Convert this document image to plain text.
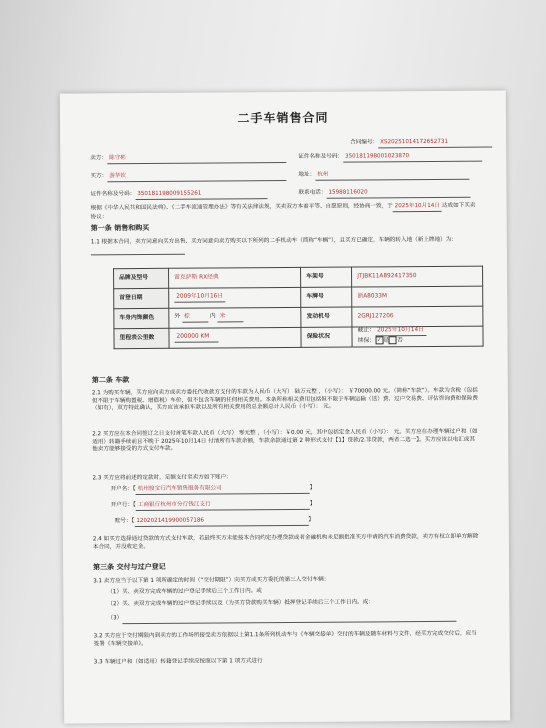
二手车销售合同
合同编号： XS20251014172652731
卖方： 陈守彬	证件名称及号码： 350181198001023870
买方： 游华钦	地址： 杭州
证件名称及号码： 350181198009155261	联系电话： 15988116020
根据《中华人民共和国民法典》、《二手车流通管理办法》等有关法律法规，买卖双方本着平等、自愿原则，经协商一致，于 2025年10月14日 达成如下买卖协议：
第一条 销售和购买
1.1 根据本合同，卖方同意向买方出售、买方同意向卖方购买以下所列的二手机动车（简称“车辆”），且买方已确定，车辆的转入地（新上牌地）为：
品牌及型号	雷克萨斯 RX经典	车架号	JTJBK11A892417350
首登日期	2009年10月16日	车牌号	浙A8033M
车身内饰颜色	外 棕 内 米	发动机号	2GRJ127206
里程表公里数	200000 KM	保险状况	截止： 2025年10月14日
续保： ✓ 是 否
第二条 车款
2.1 为购买车辆，买方应向卖方或卖方委托代收款方支付的车款为人民币（大写） 陆万元整 ，（小写）： ￥70000.00 元。（简称“车款”）。车款为含税（包括但不限于车辆购置税、增值税）车价，但不包含车辆的任何相关费用。本条所称相关费用包括但不限于车辆运输（送）费、过户交易费、评估咨询费和保险费（如有），双方特此确认，买方应该承担车款以及所有相关费用的总金额总计人民币（小写）： 元。
2.2 买方应在本合同签订之日支付首笔车款人民币（大写） 零元整 ，（小写）：￥0.00 元，其中包括定金人民币（小写）： 元。买方应在办理车辆过户和（如适用）转籍手续前且不晚于 2025年10月14日 付清所有车款余额，车款余款通过第 2 种形式支付【1】贷款/2.非贷款，两者二选一】。买方应该以电汇或其他卖方能够接受的方式支付车款。
2.3 买方应将前述的定款时，足额支付至卖方如下账户：
开户名：【 杭州骏宝行汽车销售服务有限公司	】
开户行：【 工商银行杭州市分行钱江支行	】
账号：【 1202021419900057186	】
2.4 如买方选择通过贷款的方式支付车款，若最终买方未能按本合同约定办理贷款或者金融机构未足额批准买方申请的汽车消费贷款，卖方有权立即单方解除本合同，并没收定金。
第三条 交付与过户登记
3.1 卖方应当于以下第 1 项所确定的时间（“交付期限”）向买方或买方委托的第三人交付车辆：
（1）买、卖双方完成车辆的过户登记手续后三个工作日内。或
（2）买、卖双方完成车辆的过户登记手续以及（为买方贷款购买车辆）抵押登记手续后三个工作日内。或：
（3）
3.2 买方应于交付期限内到卖方的工作场所接受卖方依据以上第1.1条所列机动车与《车辆交接单》交付的车辆及随车材料与文件，经买方完成交付后，应当签署《车辆交接单》。
3.3 车辆过户和（如适用）转籍登记手续应按照以下第 1 项方式进行
